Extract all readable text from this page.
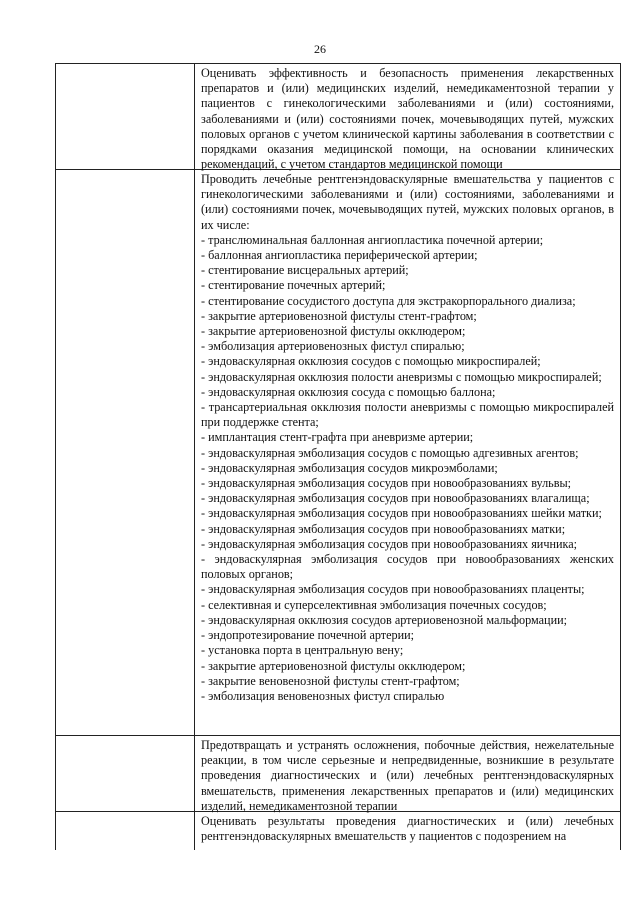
26

Оценивать эффективность и безопасность применения лекарственных препаратов и (или) медицинских изделий, немедикаментозной терапии у пациентов с гинекологическими заболеваниями и (или) состояниями, заболеваниями и (или) состояниями почек, мочевыводящих путей, мужских половых органов с учетом клинической картины заболевания в соответствии с порядками оказания медицинской помощи, на основании клинических рекомендаций, с учетом стандартов медицинской помощи

Проводить лечебные рентгенэндоваскулярные вмешательства у пациентов с гинекологическими заболеваниями и (или) состояниями, заболеваниями и (или) состояниями почек, мочевыводящих путей, мужских половых органов, в их числе:

- транслюминальная баллонная ангиопластика почечной артерии;
- баллонная ангиопластика периферической артерии;
- стентирование висцеральных артерий;
- стентирование почечных артерий;
- стентирование сосудистого доступа для экстракорпорального диализа;
- закрытие артериовенозной фистулы стент-графтом;
- закрытие артериовенозной фистулы окклюдером;
- эмболизация артериовенозных фистул спиралью;
- эндоваскулярная окклюзия сосудов с помощью микроспиралей;
- эндоваскулярная окклюзия полости аневризмы с помощью микроспиралей;
- эндоваскулярная окклюзия сосуда с помощью баллона;
- трансартериальная окклюзия полости аневризмы с помощью микроспиралей при поддержке стента;
- имплантация стент-графта при аневризме артерии;
- эндоваскулярная эмболизация сосудов с помощью адгезивных агентов;
- эндоваскулярная эмболизация сосудов микроэмболами;
- эндоваскулярная эмболизация сосудов при новообразованиях вульвы;
- эндоваскулярная эмболизация сосудов при новообразованиях влагалища;
- эндоваскулярная эмболизация сосудов при новообразованиях шейки матки;
- эндоваскулярная эмболизация сосудов при новообразованиях матки;
- эндоваскулярная эмболизация сосудов при новообразованиях яичника;
- эндоваскулярная эмболизация сосудов при новообразованиях женских половых органов;
- эндоваскулярная эмболизация сосудов при новообразованиях плаценты;
- селективная и суперселективная эмболизация почечных сосудов;
- эндоваскулярная окклюзия сосудов артериовенозной мальформации;
- эндопротезирование почечной артерии;
- установка порта в центральную вену;
- закрытие артериовенозной фистулы окклюдером;
- закрытие веновенозной фистулы стент-графтом;
- эмболизация веновенозных фистул спиралью

Предотвращать и устранять осложнения, побочные действия, нежелательные реакции, в том числе серьезные и непредвиденные, возникшие в результате проведения диагностических и (или) лечебных рентгенэндоваскулярных вмешательств, применения лекарственных препаратов и (или) медицинских изделий, немедикаментозной терапии

Оценивать результаты проведения диагностических и (или) лечебных рентгенэндоваскулярных вмешательств у пациентов с подозрением на
